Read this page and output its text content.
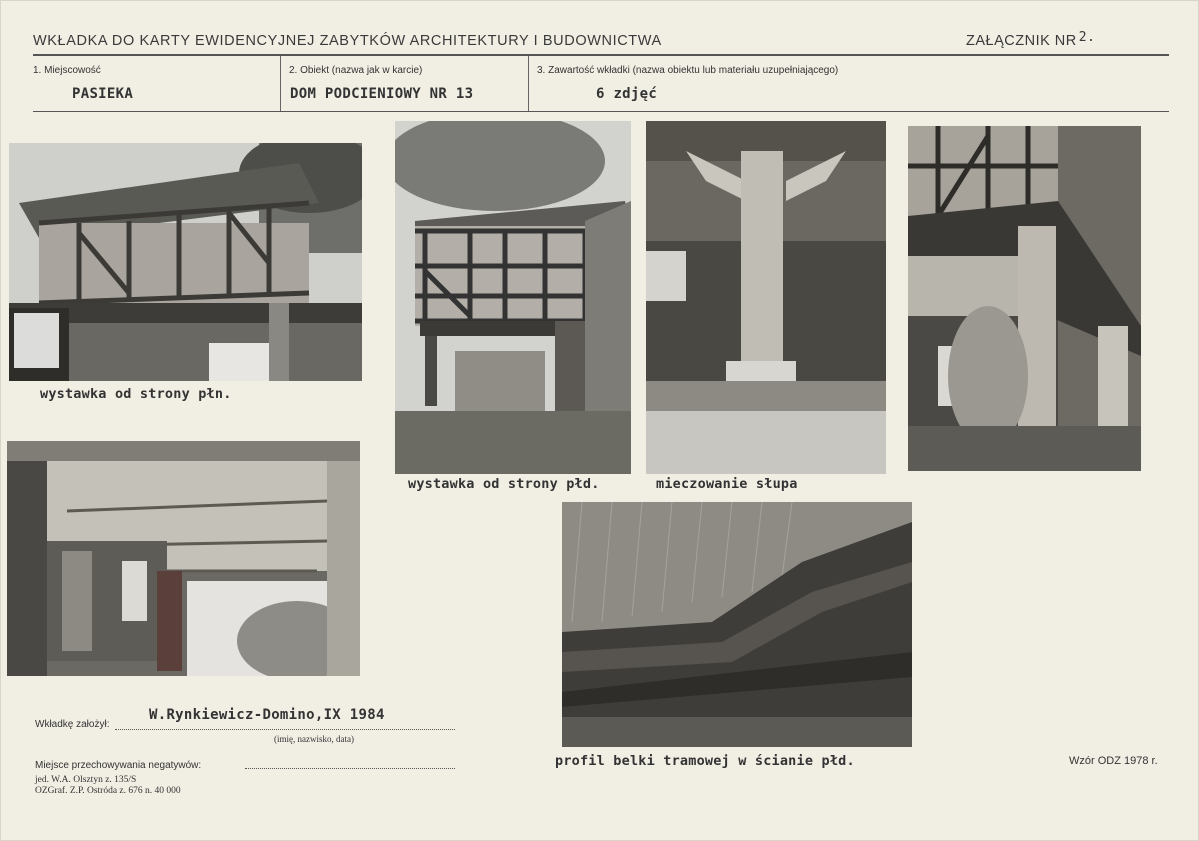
WKŁADKA DO KARTY EWIDENCYJNEJ ZABYTKÓW ARCHITEKTURY I BUDOWNICTWA	ZAŁĄCZNIK NR 2.
1. Miejscowość
PASIEKA
2. Obiekt (nazwa jak w karcie)
DOM PODCIENIOWY NR 13
3. Zawartość wkładki (nazwa obiektu lub materiału uzupełniającego)
6 zdjęć
wystawka od strony płn.
wystawka od strony płd.	mieczowanie słupa
profil belki tramowej w ścianie płd.
Wkładkę założył:
W.Rynkiewicz-Domino,IX 1984
(imię, nazwisko, data)
Miejsce przechowywania negatywów:
jed. W.A. Olsztyn z. 135/S
OZGraf. Z.P. Ostróda z. 676 n. 40 000
Wzór ODZ 1978 r.
